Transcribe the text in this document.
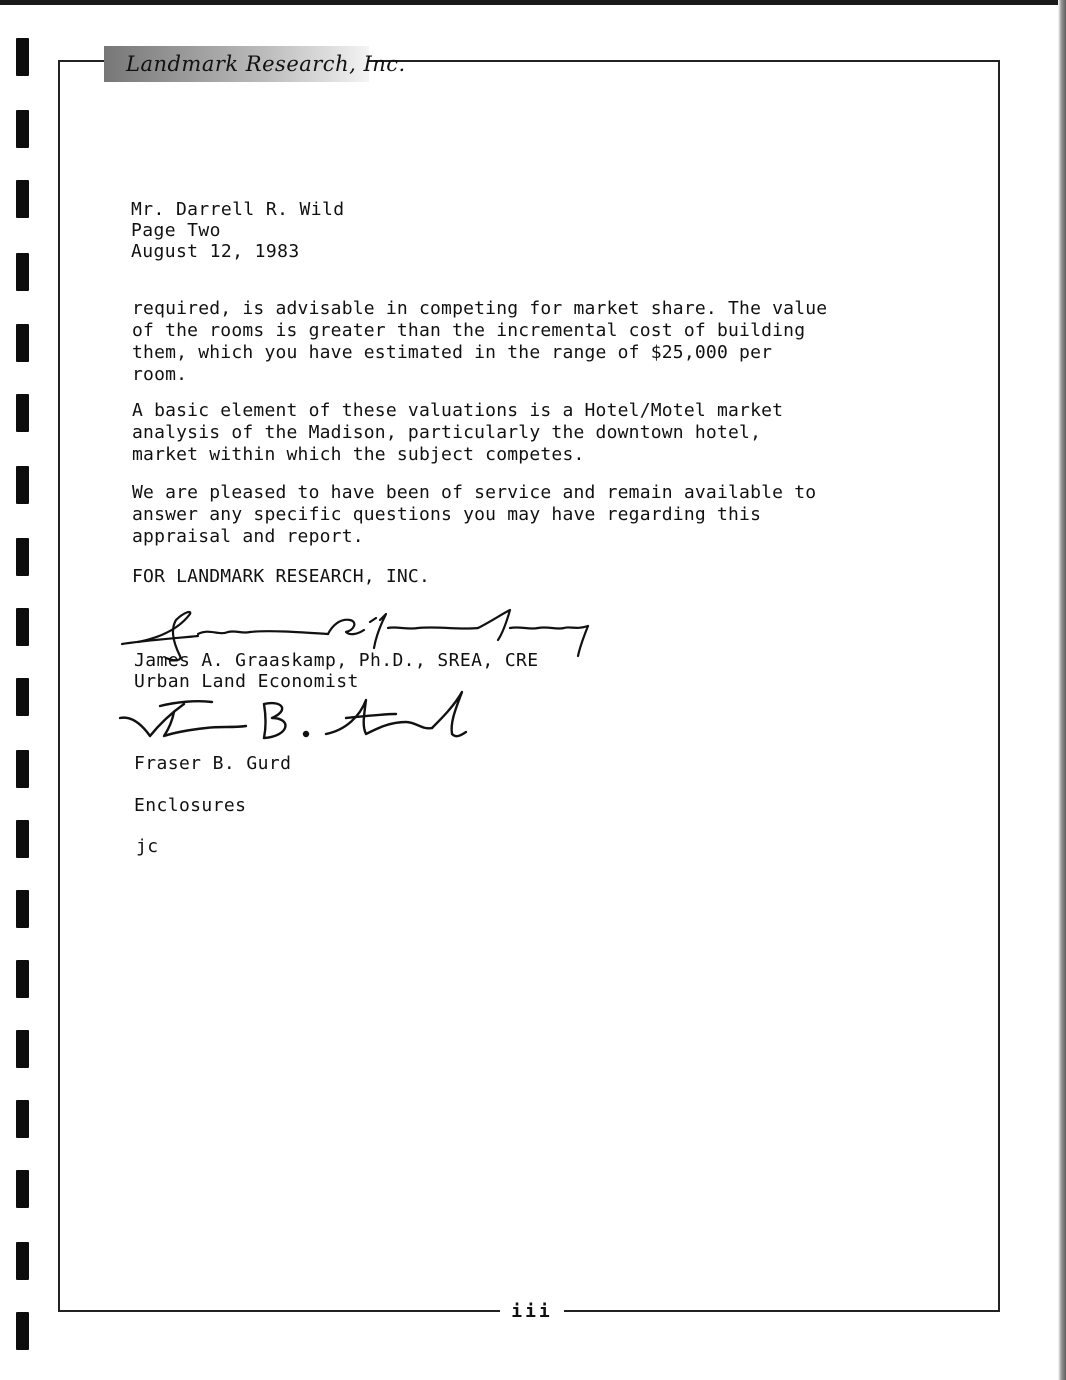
Landmark Research, Inc.
Mr. Darrell R. Wild
Page Two
August 12, 1983
required, is advisable in competing for market share. The value
of the rooms is greater than the incremental cost of building
them, which you have estimated in the range of $25,000 per
room.
A basic element of these valuations is a Hotel/Motel market
analysis of the Madison, particularly the downtown hotel,
market within which the subject competes.
We are pleased to have been of service and remain available to
answer any specific questions you may have regarding this
appraisal and report.
FOR LANDMARK RESEARCH, INC.
James A. Graaskamp, Ph.D., SREA, CRE
Urban Land Economist
Fraser B. Gurd
Enclosures
jc
iii
